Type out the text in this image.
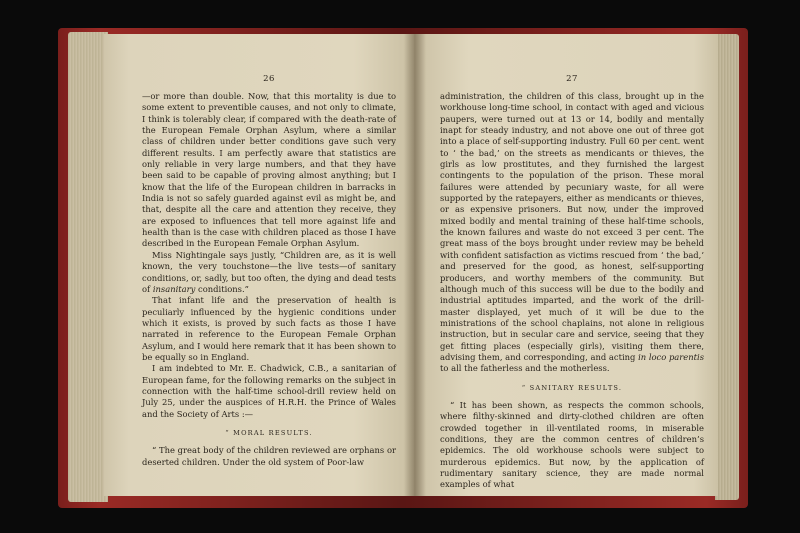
26

—or more than double. Now, that this mortality is due to some extent to preventible causes, and not only to climate, I think is tolerably clear, if compared with the death-rate of the European Female Orphan Asylum, where a similar class of children under better conditions gave such very different results. I am perfectly aware that statistics are only reliable in very large numbers, and that they have been said to be capable of proving almost anything; but I know that the life of the European children in barracks in India is not so safely guarded against evil as might be, and that, despite all the care and attention they receive, they are exposed to influences that tell more against life and health than is the case with children placed as those I have described in the European Female Orphan Asylum.

Miss Nightingale says justly, “Children are, as it is well known, the very touchstone—the live tests—of sanitary conditions, or, sadly, but too often, the dying and dead tests of insanitary conditions.”

That infant life and the preservation of health is peculiarly influenced by the hygienic conditions under which it exists, is proved by such facts as those I have narrated in reference to the European Female Orphan Asylum, and I would here remark that it has been shown to be equally so in England.

I am indebted to Mr. E. Chadwick, C.B., a sanitarian of European fame, for the following remarks on the subject in connection with the half-time school-drill review held on July 25, under the auspices of H.R.H. the Prince of Wales and the Society of Arts :—

“ MORAL RESULTS.

“ The great body of the children reviewed are orphans or deserted children. Under the old system of Poor-law

27

administration, the children of this class, brought up in the workhouse long-time school, in contact with aged and vicious paupers, were turned out at 13 or 14, bodily and mentally inapt for steady industry, and not above one out of three got into a place of self-supporting industry. Full 60 per cent. went to ‘ the bad,’ on the streets as mendicants or thieves, the girls as low prostitutes, and they furnished the largest contingents to the population of the prison. These moral failures were attended by pecuniary waste, for all were supported by the ratepayers, either as mendicants or thieves, or as expensive prisoners. But now, under the improved mixed bodily and mental training of these half-time schools, the known failures and waste do not exceed 3 per cent. The great mass of the boys brought under review may be beheld with confident satisfaction as victims rescued from ‘ the bad,’ and preserved for the good, as honest, self-supporting producers, and worthy members of the community. But although much of this success will be due to the bodily and industrial aptitudes imparted, and the work of the drill-master displayed, yet much of it will be due to the ministrations of the school chaplains, not alone in religious instruction, but in secular care and service, seeing that they get fitting places (especially girls), visiting them there, advising them, and corresponding, and acting in loco parentis to all the fatherless and the motherless.

“ SANITARY RESULTS.

“ It has been shown, as respects the common schools, where filthy-skinned and dirty-clothed children are often crowded together in ill-ventilated rooms, in miserable conditions, they are the common centres of children’s epidemics. The old workhouse schools were subject to murderous epidemics. But now, by the application of rudimentary sanitary science, they are made normal examples of what
